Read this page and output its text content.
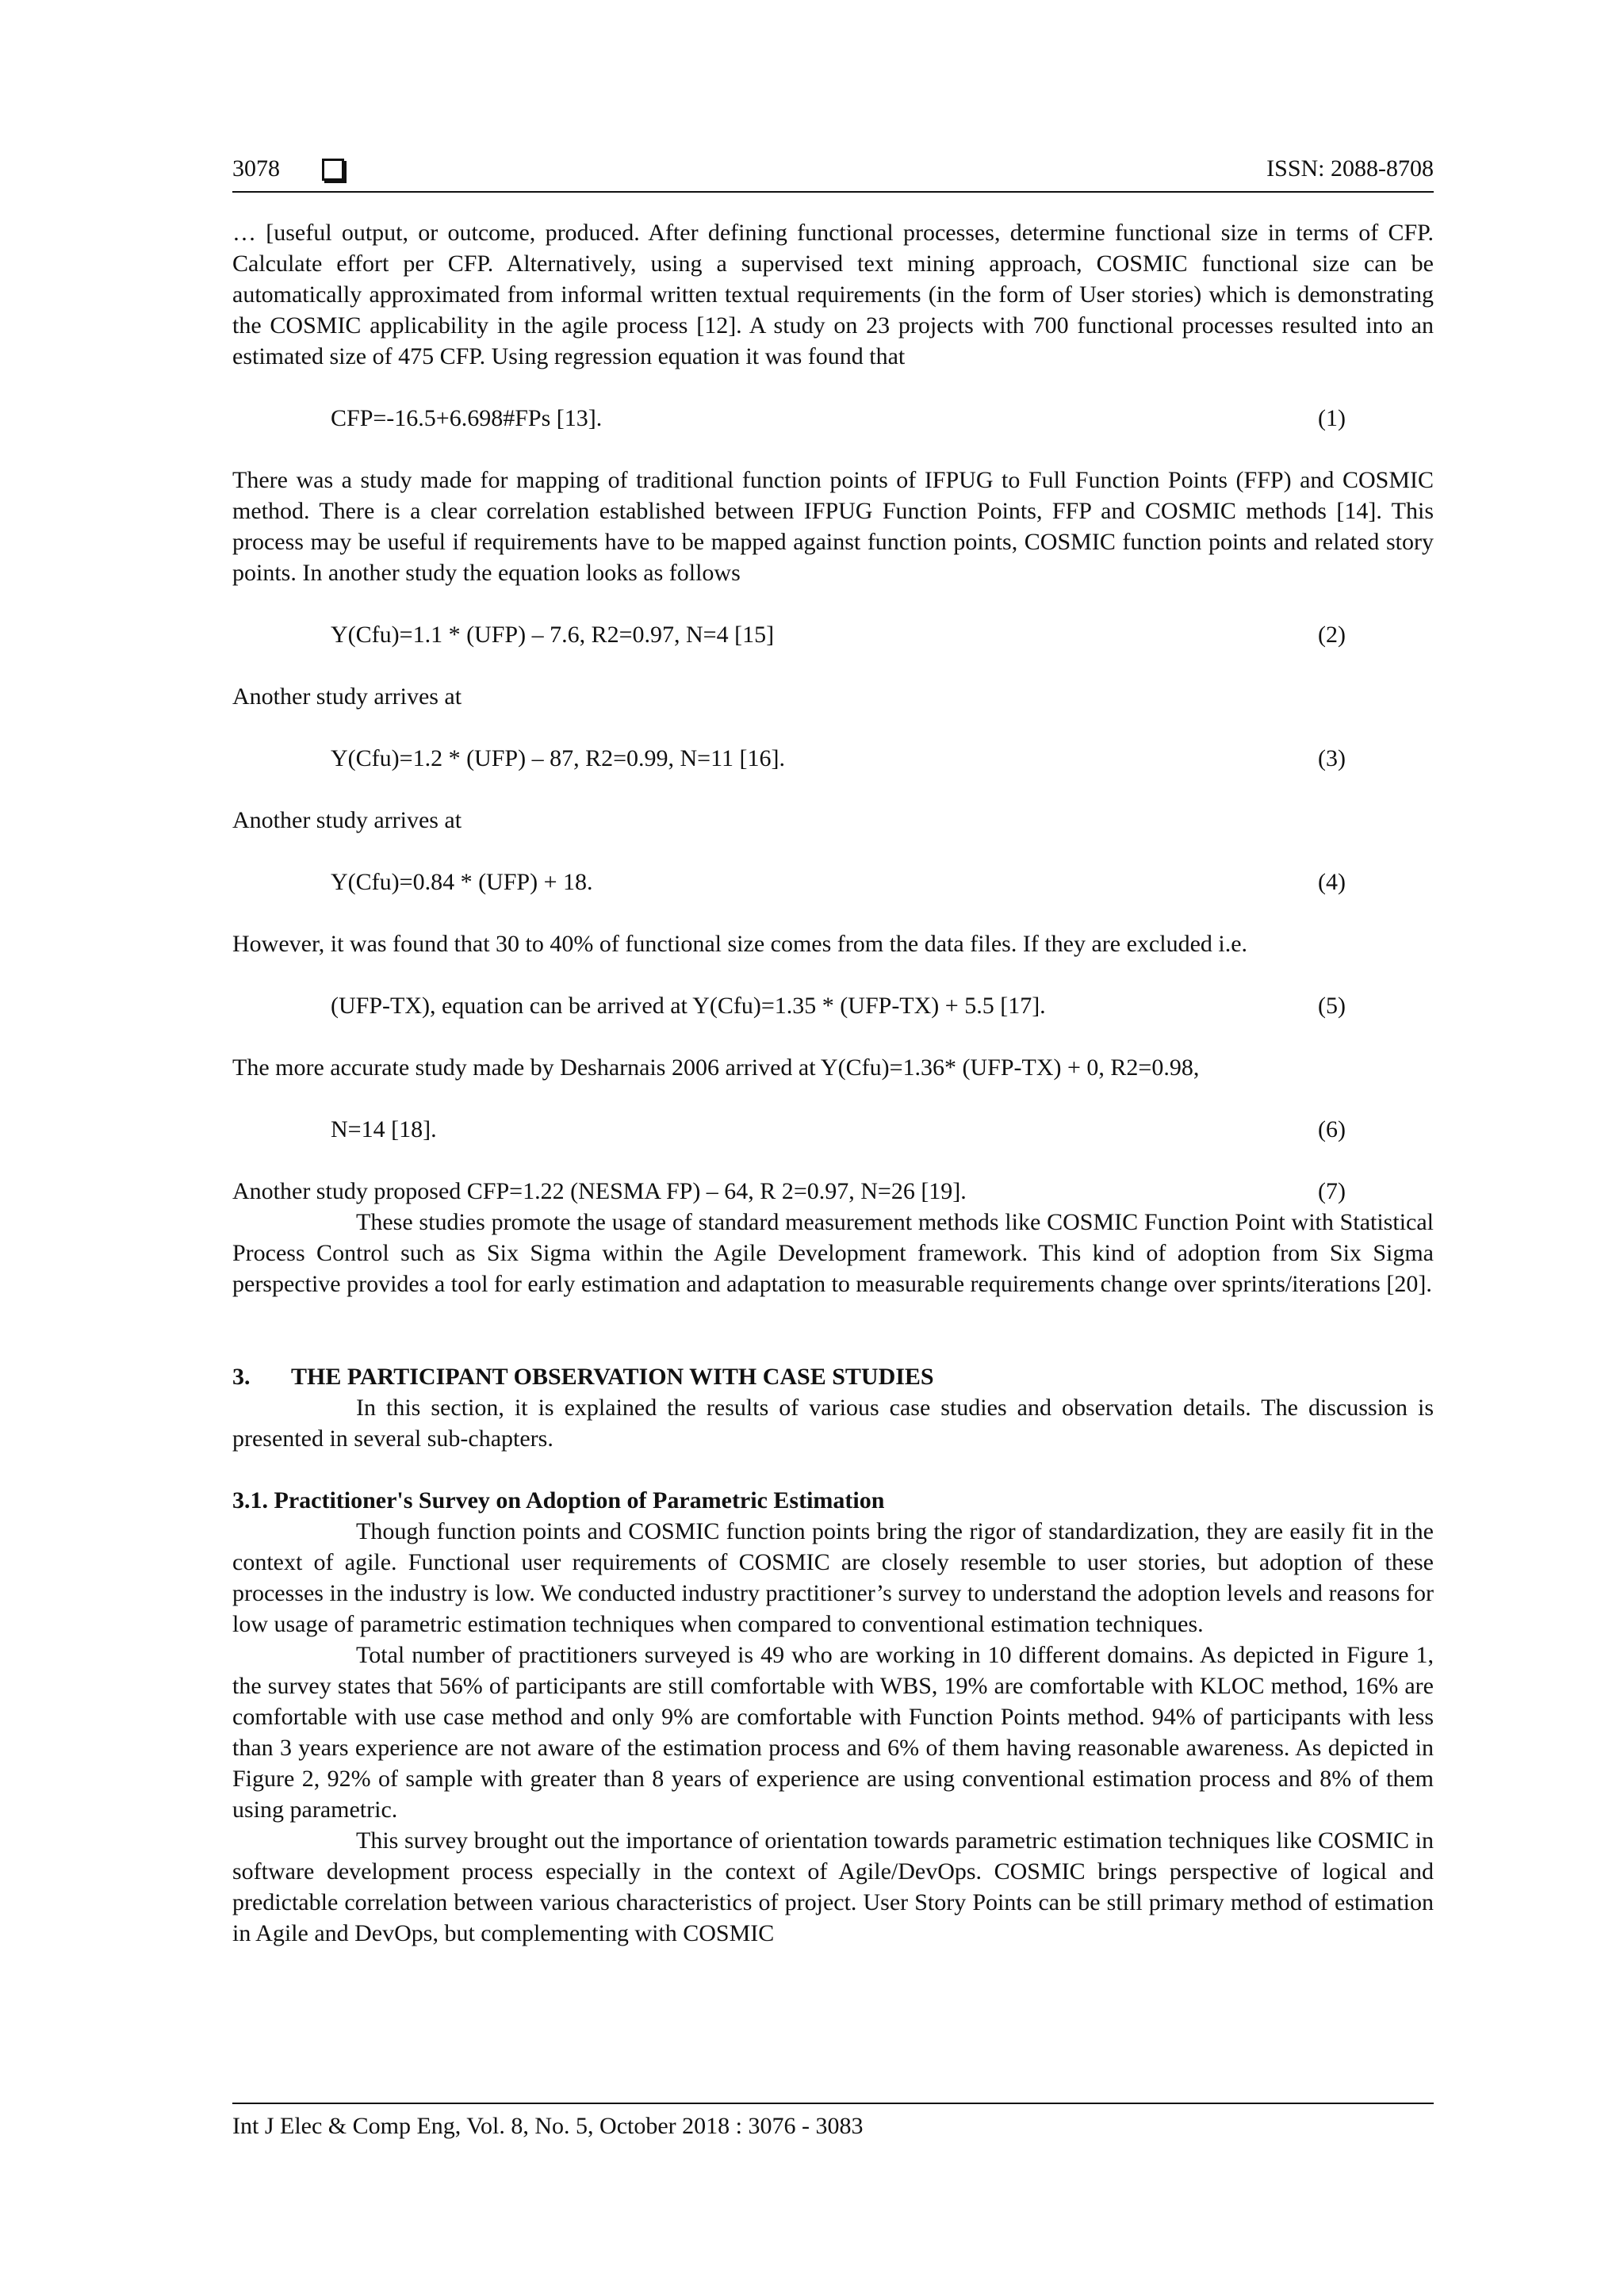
3078	ISSN: 2088-8708

… [useful output, or outcome, produced. After defining functional processes, determine functional size in terms of CFP. Calculate effort per CFP. Alternatively, using a supervised text mining approach, COSMIC functional size can be automatically approximated from informal written textual requirements (in the form of User stories) which is demonstrating the COSMIC applicability in the agile process [12]. A study on 23 projects with 700 functional processes resulted into an estimated size of 475 CFP. Using regression equation it was found that

CFP=-16.5+6.698#FPs [13].	(1)

There was a study made for mapping of traditional function points of IFPUG to Full Function Points (FFP) and COSMIC method. There is a clear correlation established between IFPUG Function Points, FFP and COSMIC methods [14]. This process may be useful if requirements have to be mapped against function points, COSMIC function points and related story points. In another study the equation looks as follows

Y(Cfu)=1.1 * (UFP) – 7.6, R2=0.97, N=4 [15]	(2)

Another study arrives at

Y(Cfu)=1.2 * (UFP) – 87, R2=0.99, N=11 [16].	(3)

Another study arrives at

Y(Cfu)=0.84 * (UFP) + 18.	(4)

However, it was found that 30 to 40% of functional size comes from the data files. If they are excluded i.e.

(UFP-TX), equation can be arrived at Y(Cfu)=1.35 * (UFP-TX) + 5.5 [17].	(5)

The more accurate study made by Desharnais 2006 arrived at Y(Cfu)=1.36* (UFP-TX) + 0, R2=0.98,

N=14 [18].	(6)
Another study proposed CFP=1.22 (NESMA FP) – 64, R 2=0.97, N=26 [19].	(7)

These studies promote the usage of standard measurement methods like COSMIC Function Point with Statistical Process Control such as Six Sigma within the Agile Development framework. This kind of adoption from Six Sigma perspective provides a tool for early estimation and adaptation to measurable requirements change over sprints/iterations [20].

3. THE PARTICIPANT OBSERVATION WITH CASE STUDIES

In this section, it is explained the results of various case studies and observation details. The discussion is presented in several sub-chapters.

3.1. Practitioner's Survey on Adoption of Parametric Estimation

Though function points and COSMIC function points bring the rigor of standardization, they are easily fit in the context of agile. Functional user requirements of COSMIC are closely resemble to user stories, but adoption of these processes in the industry is low. We conducted industry practitioner’s survey to understand the adoption levels and reasons for low usage of parametric estimation techniques when compared to conventional estimation techniques.

Total number of practitioners surveyed is 49 who are working in 10 different domains. As depicted in Figure 1, the survey states that 56% of participants are still comfortable with WBS, 19% are comfortable with KLOC method, 16% are comfortable with use case method and only 9% are comfortable with Function Points method. 94% of participants with less than 3 years experience are not aware of the estimation process and 6% of them having reasonable awareness. As depicted in Figure 2, 92% of sample with greater than 8 years of experience are using conventional estimation process and 8% of them using parametric.

This survey brought out the importance of orientation towards parametric estimation techniques like COSMIC in software development process especially in the context of Agile/DevOps. COSMIC brings perspective of logical and predictable correlation between various characteristics of project. User Story Points can be still primary method of estimation in Agile and DevOps, but complementing with COSMIC

Int J Elec & Comp Eng, Vol. 8, No. 5, October 2018 : 3076 - 3083
